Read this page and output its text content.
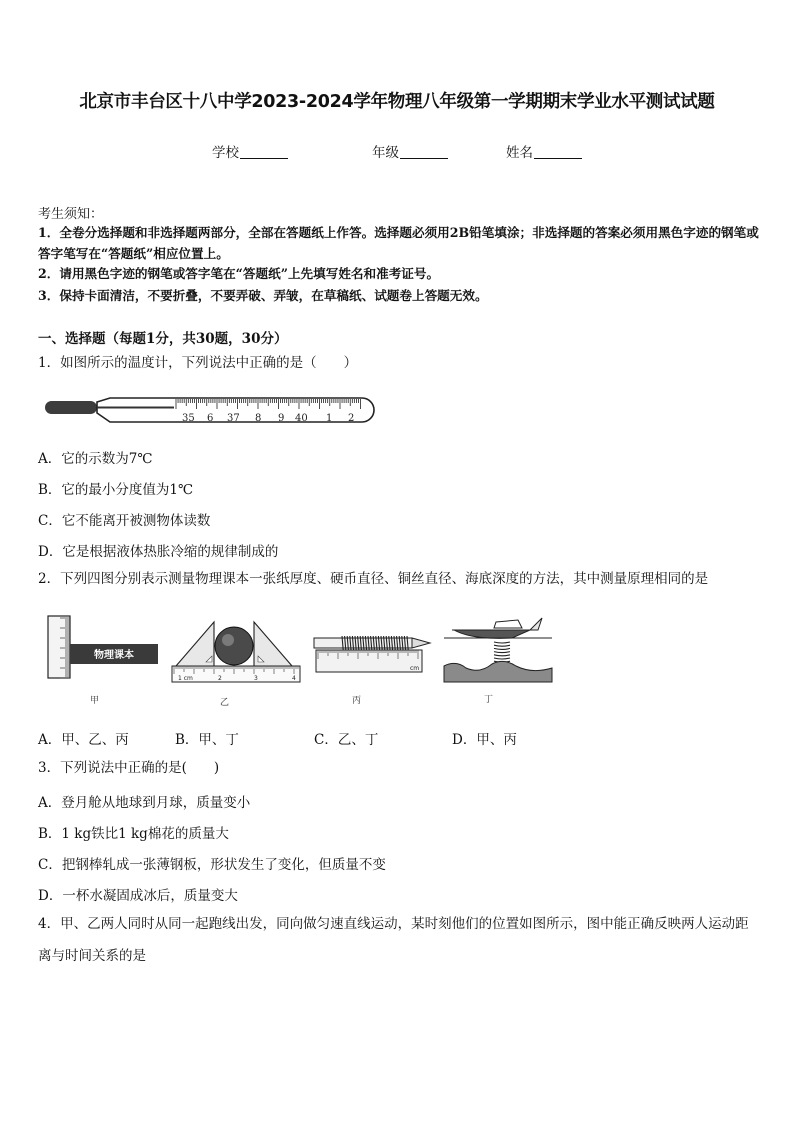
北京市丰台区十八中学2023-2024学年物理八年级第一学期期末学业水平测试试题
学校	年级	姓名
考生须知：
1．全卷分选择题和非选择题两部分，全部在答题纸上作答。选择题必须用2B铅笔填涂；非选择题的答案必须用黑色字迹的钢笔或答字笔写在“答题纸”相应位置上。
2．请用黑色字迹的钢笔或答字笔在“答题纸”上先填写姓名和准考证号。
3．保持卡面清洁，不要折叠，不要弄破、弄皱，在草稿纸、试题卷上答题无效。
一、选择题（每题1分，共30题，30分）
1．如图所示的温度计，下列说法中正确的是（　　）
35 6 37 8 9 40 1 2
A．它的示数为7℃
B．它的最小分度值为1℃
C．它不能离开被测物体读数
D．它是根据液体热胀冷缩的规律制成的
2．下列四图分别表示测量物理课本一张纸厚度、硬币直径、铜丝直径、海底深度的方法，其中测量原理相同的是
物理课本
1 cm	2	3	4
cm
甲	乙	丙	丁
A．甲、乙、丙	B．甲、丁	C．乙、丁	D．甲、丙
3．下列说法中正确的是(　　)
A．登月舱从地球到月球，质量变小
B．1 kg铁比1 kg棉花的质量大
C．把钢棒轧成一张薄钢板，形状发生了变化，但质量不变
D．一杯水凝固成冰后，质量变大
4．甲、乙两人同时从同一起跑线出发，同向做匀速直线运动，某时刻他们的位置如图所示，图中能正确反映两人运动距离与时间关系的是
